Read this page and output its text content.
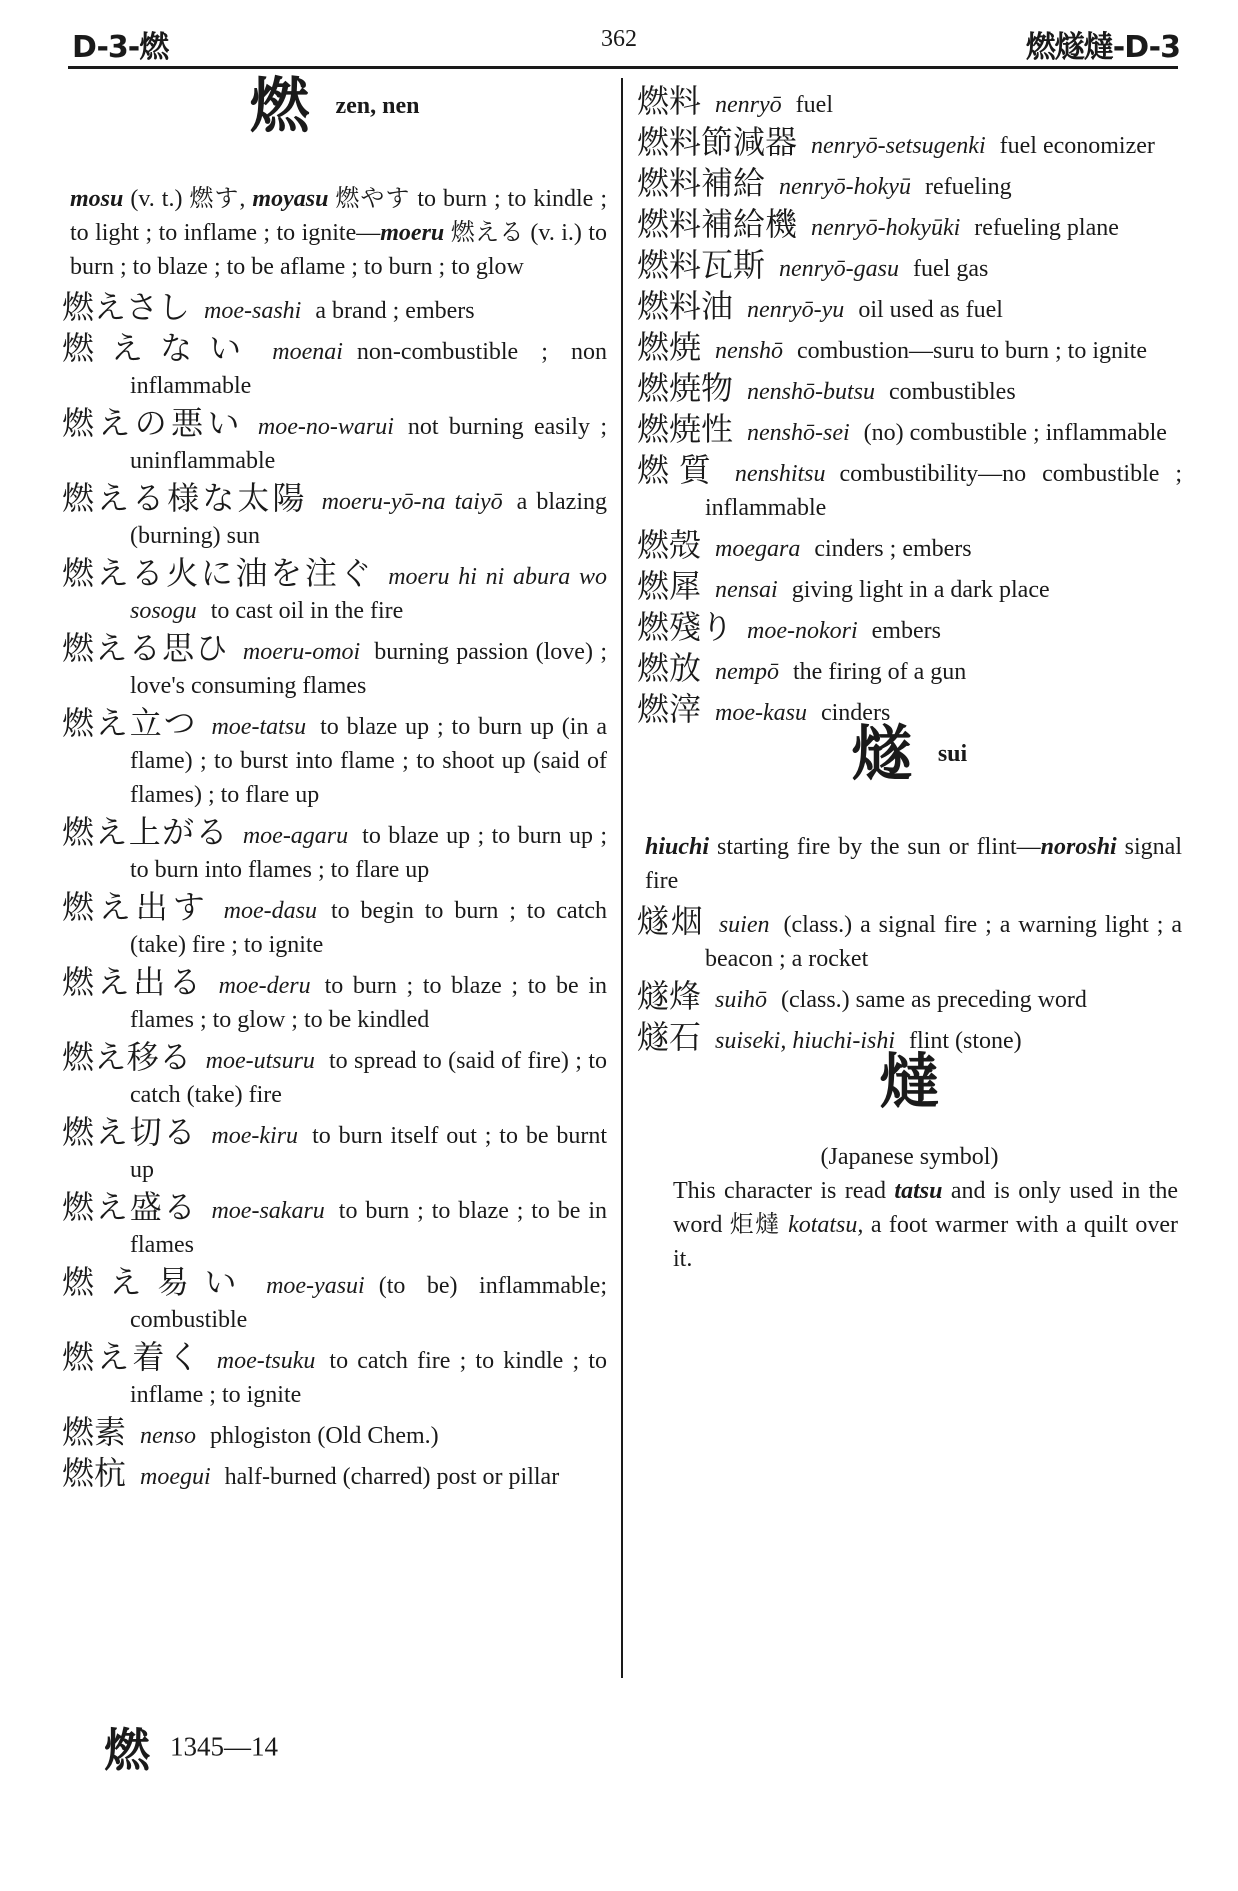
D-3-燃	362	燃燧燵-D-3
燃 zen, nen
mosu (v. t.) 燃す, moyasu 燃やす to burn ; to kindle ; to light ; to inflame ; to ignite—moeru 燃える (v. i.) to burn ; to blaze ; to be aflame ; to burn ; to glow
燃えさし moe-sashi a brand ; embers
燃えない moenai non-combustible ; non inflammable
燃えの悪い moe-no-warui not burning easily ; uninflammable
燃える様な太陽 moeru-yō-na taiyō a blazing (burning) sun
燃える火に油を注ぐ moeru hi ni abura wo sosogu to cast oil in the fire
燃える思ひ moeru-omoi burning passion (love) ; love's consuming flames
燃え立つ moe-tatsu to blaze up ; to burn up (in a flame) ; to burst into flame ; to shoot up (said of flames) ; to flare up
燃え上がる moe-agaru to blaze up ; to burn up ; to burn into flames ; to flare up
燃え出す moe-dasu to begin to burn ; to catch (take) fire ; to ignite
燃え出る moe-deru to burn ; to blaze ; to be in flames ; to glow ; to be kindled
燃え移る moe-utsuru to spread to (said of fire) ; to catch (take) fire
燃え切る moe-kiru to burn itself out ; to be burnt up
燃え盛る moe-sakaru to burn ; to blaze ; to be in flames
燃え易い moe-yasui (to be) inflammable; combustible
燃え着く moe-tsuku to catch fire ; to kindle ; to inflame ; to ignite
燃素 nenso phlogiston (Old Chem.)
燃杭 moegui half-burned (charred) post or pillar
燃料 nenryō fuel
燃料節減器 nenryō-setsugenki fuel economizer
燃料補給 nenryō-hokyū refueling
燃料補給機 nenryō-hokyūki refueling plane
燃料瓦斯 nenryō-gasu fuel gas
燃料油 nenryō-yu oil used as fuel
燃焼 nenshō combustion—suru to burn ; to ignite
燃焼物 nenshō-butsu combustibles
燃焼性 nenshō-sei (no) combustible ; inflammable
燃質 nenshitsu combustibility—no combustible ; inflammable
燃殻 moegara cinders ; embers
燃犀 nensai giving light in a dark place
燃殘り moe-nokori embers
燃放 nempō the firing of a gun
燃滓 moe-kasu cinders
燧 sui
hiuchi starting fire by the sun or flint—noroshi signal fire
燧烟 suien (class.) a signal fire ; a warning light ; a beacon ; a rocket
燧烽 suihō (class.) same as preceding word
燧石 suiseki, hiuchi-ishi flint (stone)
燵
(Japanese symbol)
This character is read tatsu and is only used in the word 炬燵 kotatsu, a foot warmer with a quilt over it.
燃 1345—14
